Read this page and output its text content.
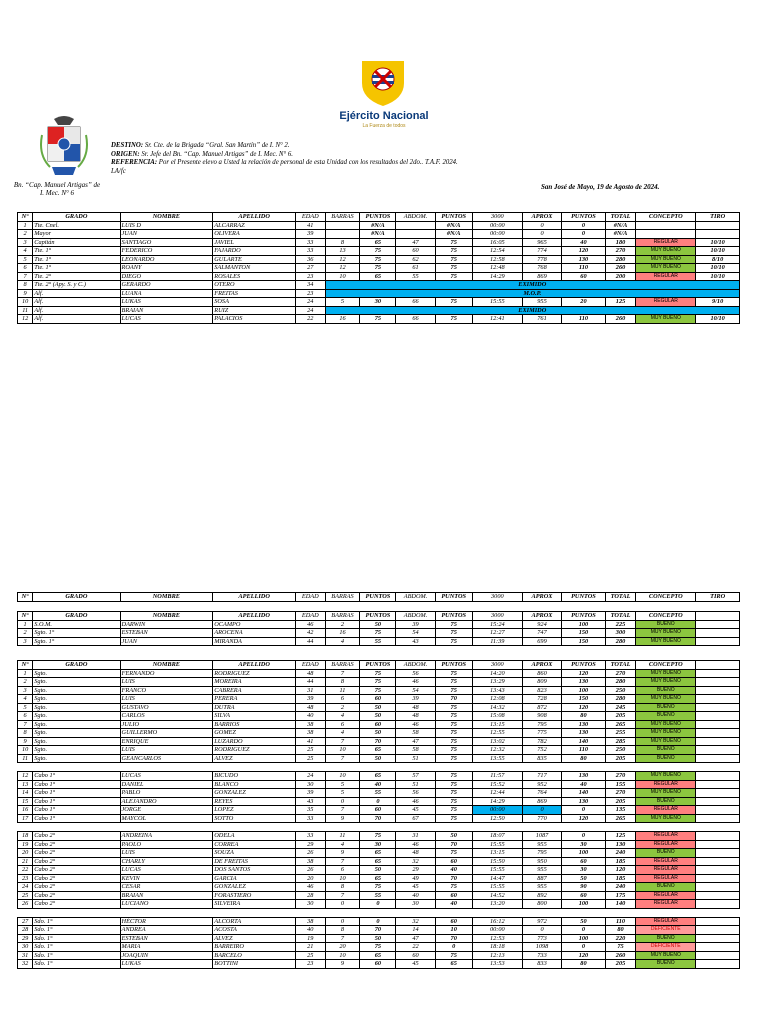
Ejército Nacional
La Fuerza de todos
Bn. “Cap. Manuel Artigas” de I. Mec. N° 6
DESTINO: Sr. Cte. de la Brigada “Gral. San Martín” de I. N° 2.
ORIGEN: Sr. Jefe del Bn. “Cap. Manuel Artigas” de I. Mec. N° 6.
REFERENCIA: Por el Presente elevo a Usted la relación de personal de esta Unidad con los resultados del 2do.. T.A.F. 2024.
LA/fc
San José de Mayo, 19 de Agosto de 2024.
N°	GRADO	NOMBRE	APELLIDO	EDAD	BARRAS	PUNTOS	ABDOM.	PUNTOS	3000	APROX	PUNTOS	TOTAL	CONCEPTO	TIRO
1	Tte. Cnel.	LUIS D	ALCARRAZ	41		#N/A		#N/A	00:00	0	0	#N/A		
2	Mayor	JUAN	OLIVERA	39		#N/A		#N/A	00:00	0	0	#N/A		
3	Capitán	SANTIAGO	JAVIEL	33	8	65	47	75	16:05	965	40	180	REGULAR	10/10
4	Tte. 1°	FEDERICO	FAJARDO	33	13	75	60	75	12:54	774	120	270	MUY BUENO	10/10
5	Tte. 1°	LEONARDO	GULARTE	36	12	75	62	75	12:58	778	130	280	MUY BUENO	8/10
6	Tte. 1°	ROANY	SALMANTON	27	12	75	61	75	12:48	768	110	260	MUY BUENO	10/10
7	Tte. 2°	DIEGO	ROSALES	23	10	65	55	75	14:29	869	60	200	REGULAR	10/10
8	Tte. 2° (Apy. S. y C.)	GERARDO	OTERO	34	EXIMIDO									
9	Alf.	LUANA	FREITAS	23	M.O.P.									
10	Alf.	LUKAS	SOSA	24	5	30	66	75	15:55	955	20	125	REGULAR	9/10
11	Alf.	BRAIAN	RUIZ	24	EXIMIDO									
12	Alf.	LUCAS	PALACIOS	22	16	75	66	75	12:41	761	110	260	MUY BUENO	10/10
N°	GRADO	NOMBRE	APELLIDO	EDAD	BARRAS	PUNTOS	ABDOM.	PUNTOS	3000	APROX	PUNTOS	TOTAL	CONCEPTO	TIRO
N°	GRADO	NOMBRE	APELLIDO	EDAD	BARRAS	PUNTOS	ABDOM.	PUNTOS	3000	APROX	PUNTOS	TOTAL	CONCEPTO	
1	S.O.M.	DARWIN	OCAMPO	46	2	50	39	75	15:24	924	100	225	BUENO	
2	Sgto. 1°	ESTEBAN	AROCENA	42	16	75	54	75	12:27	747	150	300	MUY BUENO	
3	Sgto. 1°	JUAN	MIRANDA	44	4	55	43	75	11:39	699	150	280	MUY BUENO	
N°	GRADO	NOMBRE	APELLIDO	EDAD	BARRAS	PUNTOS	ABDOM.	PUNTOS	3000	APROX	PUNTOS	TOTAL	CONCEPTO	
1	Sgto.	FERNANDO	RODRIGUEZ	48	7	75	56	75	14:20	860	120	270	MUY BUENO	
2	Sgto.	LUIS	MOREIRA	44	8	75	46	75	13:29	809	130	280	MUY BUENO	
3	Sgto.	FRANCO	CABRERA	31	11	75	54	75	13:43	823	100	250	BUENO	
4	Sgto.	LUIS	PERERA	39	6	60	39	70	12:08	728	150	280	MUY BUENO	
5	Sgto.	GUSTAVO	DUTRA	48	2	50	48	75	14:32	872	120	245	BUENO	
6	Sgto.	CARLOS	SILVA	40	4	50	48	75	15:08	908	80	205	BUENO	
7	Sgto.	JULIO	BARRIOS	38	6	60	46	75	13:15	795	130	265	MUY BUENO	
8	Sgto.	GUILLERMO	GOMEZ	38	4	50	58	75	12:55	775	130	255	MUY BUENO	
9	Sgto.	ENRIQUE	LUZARDO	41	7	70	47	75	13:02	782	140	285	MUY BUENO	
10	Sgto.	LUIS	RODRIGUEZ	25	10	65	58	75	12:32	752	110	250	BUENO	
11	Sgto.	GEANCARLOS	ALVEZ	25	7	50	51	75	13:55	835	80	205	BUENO	

12	Cabo 1°	LUCAS	BICUDO	24	10	65	57	75	11:57	717	130	270	MUY BUENO	
13	Cabo 1°	DANIEL	BLANCO	30	5	40	51	75	15:52	952	40	155	REGULAR	
14	Cabo 1°	PABLO	GONZALEZ	39	5	55	56	75	12:44	764	140	270	MUY BUENO	
15	Cabo 1°	ALEJANDRO	REYES	43	0	0	46	75	14:29	869	130	205	BUENO	
16	Cabo 1°	JORGE	LOPEZ	35	7	60	45	75	00:00	0	0	135	REGULAR	
17	Cabo 1°	MAYCOL	SOTTO	33	9	70	67	75	12:50	770	120	265	MUY BUENO	

18	Cabo 2°	ANDREINA	ODELA	33	11	75	31	50	18:07	1087	0	125	REGULAR	
19	Cabo 2°	PAOLO	CORREA	29	4	30	46	70	15:55	955	30	130	REGULAR	
20	Cabo 2°	LUIS	SOUZA	26	9	65	48	75	13:15	795	100	240	BUENO	
21	Cabo 2°	CHARLY	DE FREITAS	38	7	65	32	60	15:50	950	60	185	REGULAR	
22	Cabo 2°	LUCAS	DOS SANTOS	26	6	50	29	40	15:55	955	30	120	REGULAR	
23	Cabo 2°	KEVIN	GARCIA	20	10	65	49	70	14:47	887	50	185	REGULAR	
24	Cabo 2°	CESAR	GONZALEZ	46	8	75	45	75	15:55	955	90	240	BUENO	
25	Cabo 2°	BRAIAN	FORASTIERO	28	7	55	40	60	14:52	892	60	175	REGULAR	
26	Cabo 2°	LUCIANO	SILVEIRA	30	0	0	30	40	13:20	800	100	140	REGULAR	

27	Sdo. 1°	HÉCTOR	ALCORTA	38	0	0	32	60	16:12	972	50	110	REGULAR	
28	Sdo. 1°	ANDREA	ACOSTA	40	8	70	14	10	00:00	0	0	80	DEFICIENTE	
29	Sdo. 1°	ESTEBAN	ALVEZ	19	7	50	47	70	12:53	773	100	220	BUENO	
30	Sdo. 1°	MARIA	BARREIRO	21	20	75	22	0	18:18	1098	0	75	DEFICIENTE	
31	Sdo. 1°	JOAQUIN	BARCELO	25	10	65	60	75	12:13	733	120	260	MUY BUENO	
32	Sdo. 1°	LUKAS	BOTTINI	23	9	60	45	65	13:53	833	80	205	BUENO	
